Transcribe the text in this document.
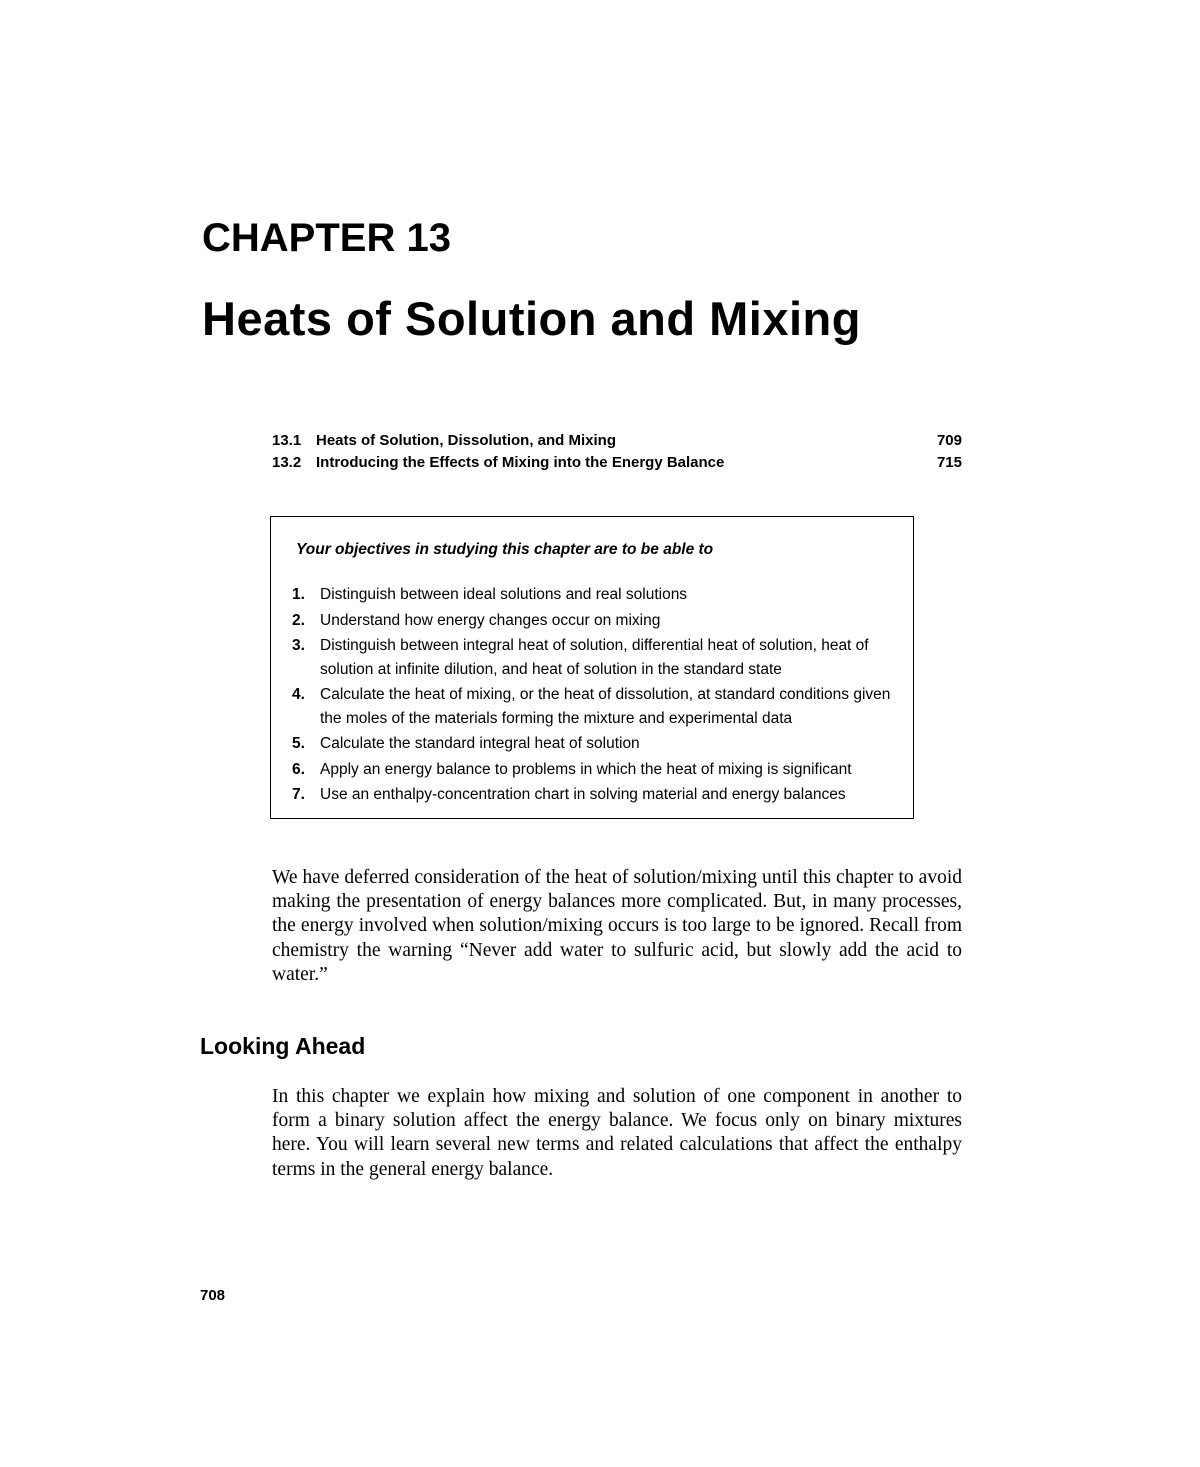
CHAPTER 13
Heats of Solution and Mixing
13.1 Heats of Solution, Dissolution, and Mixing	709
13.2 Introducing the Effects of Mixing into the Energy Balance	715
Your objectives in studying this chapter are to be able to
1. Distinguish between ideal solutions and real solutions
2. Understand how energy changes occur on mixing
3. Distinguish between integral heat of solution, differential heat of solution, heat of solution at infinite dilution, and heat of solution in the standard state
4. Calculate the heat of mixing, or the heat of dissolution, at standard conditions given the moles of the materials forming the mixture and experimental data
5. Calculate the standard integral heat of solution
6. Apply an energy balance to problems in which the heat of mixing is significant
7. Use an enthalpy-concentration chart in solving material and energy balances

We have deferred consideration of the heat of solution/mixing until this chapter to avoid making the presentation of energy balances more complicated. But, in many processes, the energy involved when solution/mixing occurs is too large to be ignored. Recall from chemistry the warning “Never add water to sulfuric acid, but slowly add the acid to water.”

Looking Ahead

In this chapter we explain how mixing and solution of one component in another to form a binary solution affect the energy balance. We focus only on binary mixtures here. You will learn several new terms and related calculations that affect the enthalpy terms in the general energy balance.

708
